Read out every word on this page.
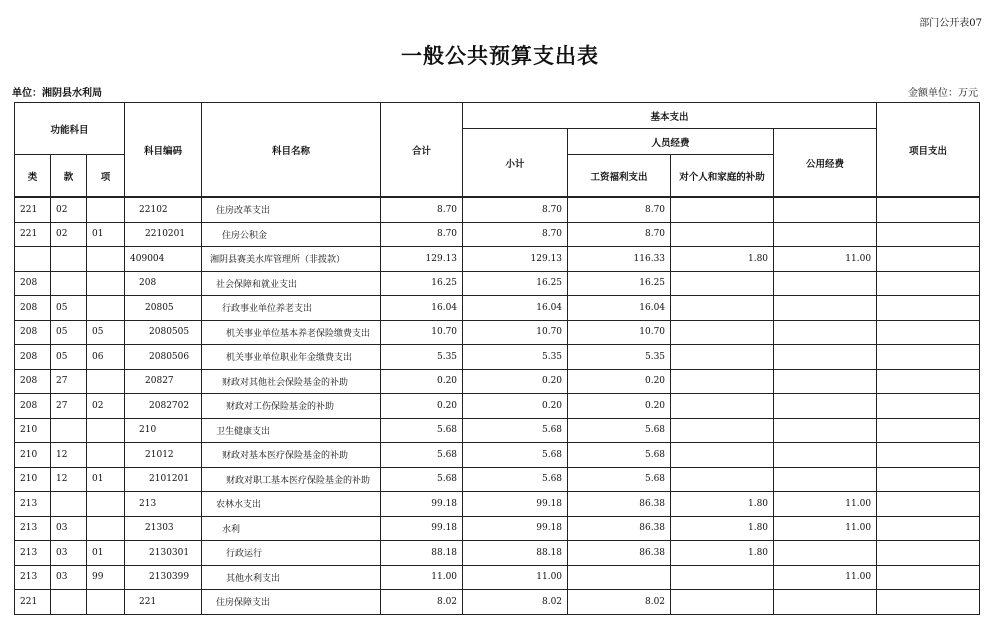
部门公开表07
一般公共预算支出表
单位：湘阴县水利局	金额单位：万元
功能科目			科目编码	科目名称	合计	基本支出				项目支出
						小计	人员经费		公用经费	
类	款	项					工资福利支出	对个人和家庭的补助		
221	02		22102	住房改革支出	8.70	8.70	8.70			
221	02	01	2210201	住房公积金	8.70	8.70	8.70			
			409004	湘阴县赛美水库管理所（非拨款）	129.13	129.13	116.33	1.80	11.00	
208			208	社会保障和就业支出	16.25	16.25	16.25			
208	05		20805	行政事业单位养老支出	16.04	16.04	16.04			
208	05	05	2080505	机关事业单位基本养老保险缴费支出	10.70	10.70	10.70			
208	05	06	2080506	机关事业单位职业年金缴费支出	5.35	5.35	5.35			
208	27		20827	财政对其他社会保险基金的补助	0.20	0.20	0.20			
208	27	02	2082702	财政对工伤保险基金的补助	0.20	0.20	0.20			
210			210	卫生健康支出	5.68	5.68	5.68			
210	12		21012	财政对基本医疗保险基金的补助	5.68	5.68	5.68			
210	12	01	2101201	财政对职工基本医疗保险基金的补助	5.68	5.68	5.68			
213			213	农林水支出	99.18	99.18	86.38	1.80	11.00	
213	03		21303	水利	99.18	99.18	86.38	1.80	11.00	
213	03	01	2130301	行政运行	88.18	88.18	86.38	1.80		
213	03	99	2130399	其他水利支出	11.00	11.00			11.00	
221			221	住房保障支出	8.02	8.02	8.02			
